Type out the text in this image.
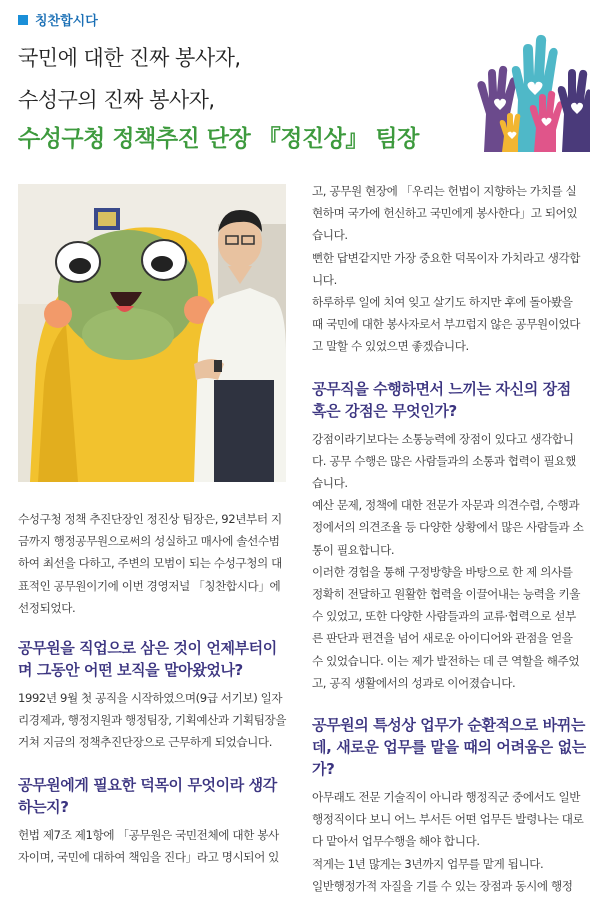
칭찬합시다
국민에 대한 진짜 봉사자,
수성구의 진짜 봉사자,
수성구청 정책추진 단장 『정진상』 팀장

수성구청 정책 추진단장인 정진상 팀장은, 92년부터 지금까지 행정공무원으로써의 성실하고 매사에 솔선수범하여 최선을 다하고, 주변의 모범이 되는 수성구청의 대표적인 공무원이기에 이번 경영저널 「칭찬합시다」에 선정되었다.

공무원을 직업으로 삼은 것이 언제부터이며 그동안 어떤 보직을 맡아왔었나?

1992년 9월 첫 공직을 시작하였으며(9급 서기보) 일자리경제과, 행정지원과 행정팀장, 기획예산과 기획팀장을 거쳐 지금의 정책추진단장으로 근무하게 되었습니다.

공무원에게 필요한 덕목이 무엇이라 생각하는지?

헌법 제7조 제1항에 「공무원은 국민전체에 대한 봉사자이며, 국민에 대하여 책임을 진다」라고 명시되어 있

고, 공무원 현장에 「우리는 헌법이 지향하는 가치를 실현하며 국가에 헌신하고 국민에게 봉사한다」고 되어있습니다.

뻔한 답변같지만 가장 중요한 덕목이자 가치라고 생각합니다.

하루하루 일에 치여 잊고 살기도 하지만 후에 돌아봤을 때 국민에 대한 봉사자로서 부끄럽지 않은 공무원이었다고 말할 수 있었으면 좋겠습니다.

공무직을 수행하면서 느끼는 자신의 장점 혹은 강점은 무엇인가?

강점이라기보다는 소통능력에 장점이 있다고 생각합니다. 공무 수행은 많은 사람들과의 소통과 협력이 필요했습니다.

예산 문제, 정책에 대한 전문가 자문과 의견수렴, 수행과정에서의 의견조율 등 다양한 상황에서 많은 사람들과 소통이 필요합니다.

이러한 경험을 통해 구정방향을 바탕으로 한 제 의사를 정확히 전달하고 원활한 협력을 이끌어내는 능력을 키울 수 있었고, 또한 다양한 사람들과의 교류·협력으로 섣부른 판단과 편견을 넘어 새로운 아이디어와 관점을 얻을 수 있었습니다. 이는 제가 발전하는 데 큰 역할을 해주었고, 공직 생활에서의 성과로 이어졌습니다.

공무원의 특성상 업무가 순환적으로 바뀌는데, 새로운 업무를 맡을 때의 어려움은 없는가?

아무래도 전문 기술직이 아니라 행정직군 중에서도 일반행정직이다 보니 어느 부서든 어떤 업무든 발령나는 대로 다 맡아서 업무수행을 해야 합니다.

적게는 1년 많게는 3년까지 업무를 맡게 됩니다.

일반행정가적 자질을 기를 수 있는 장점과 동시에 행정
